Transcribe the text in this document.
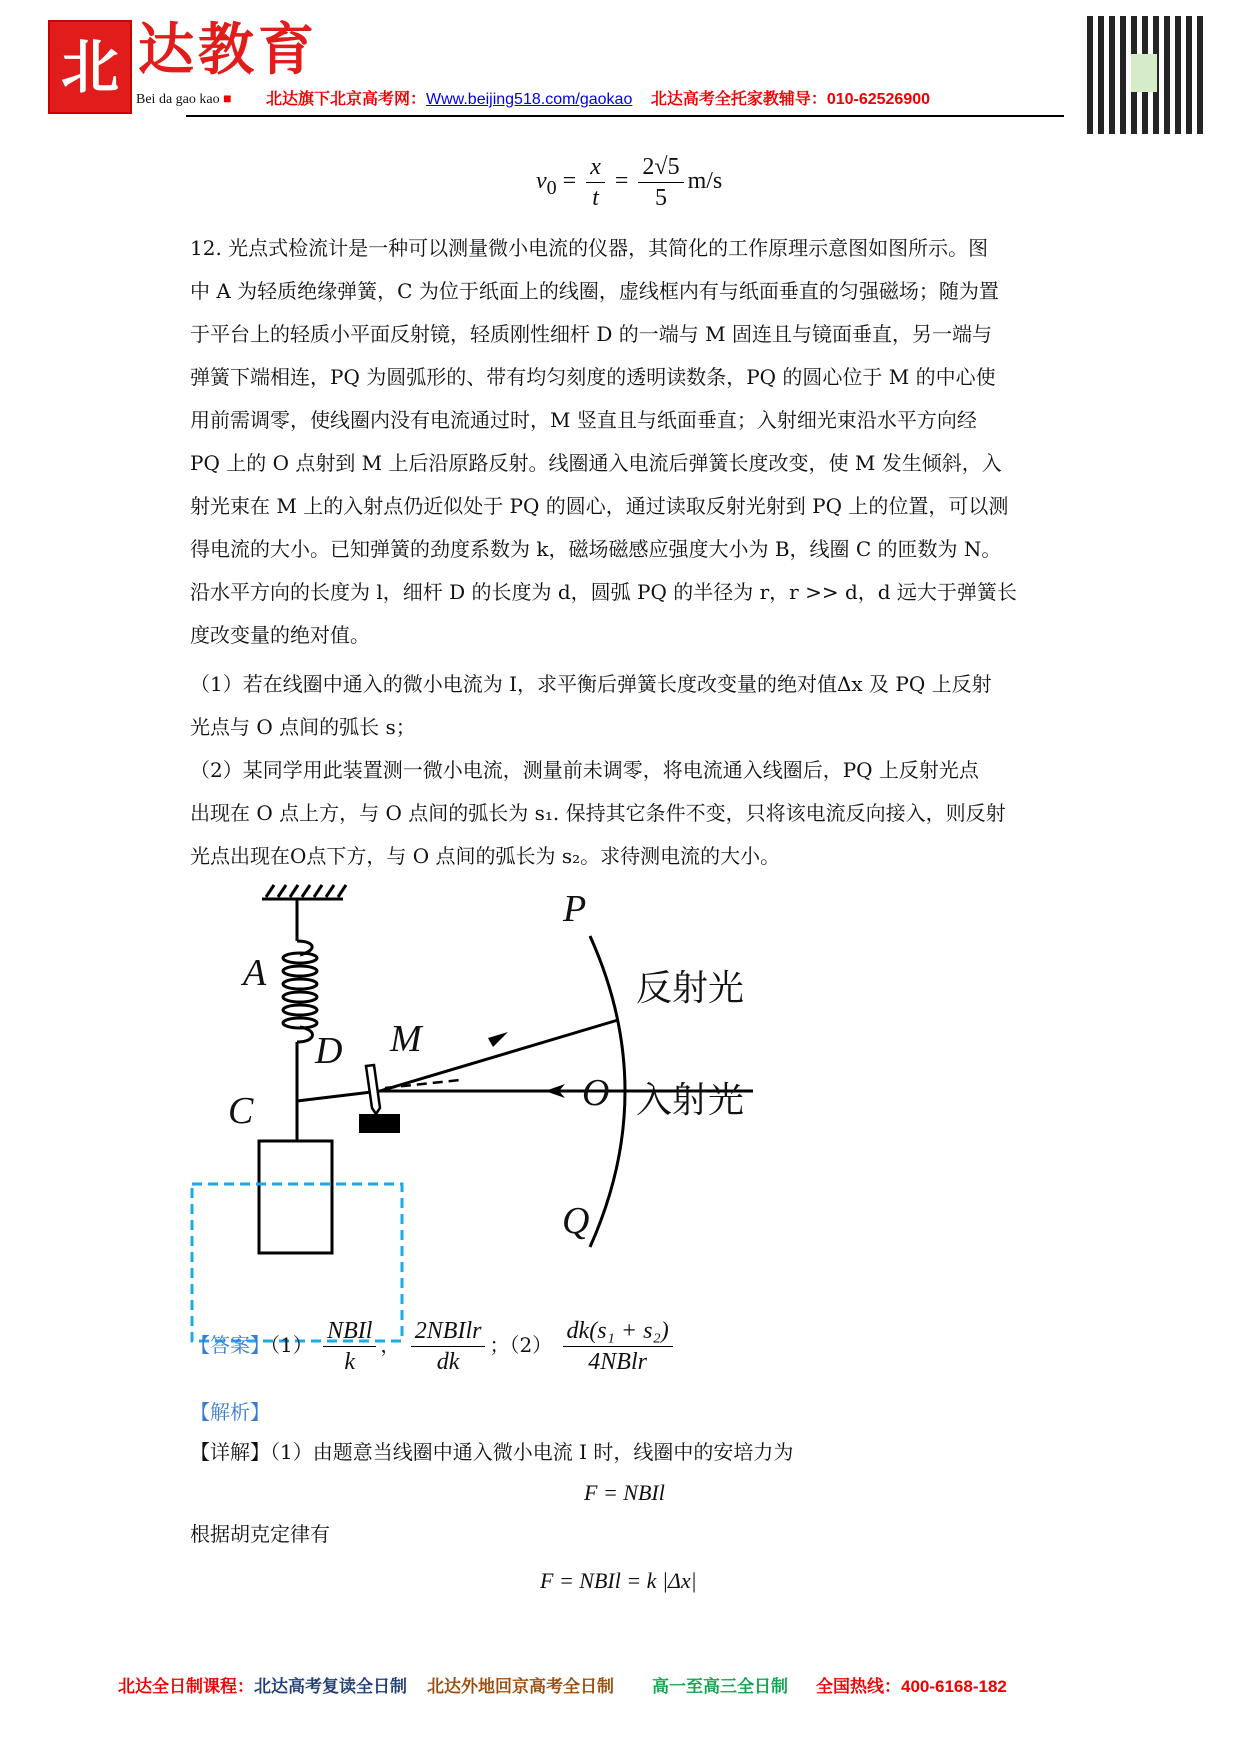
北 达教育
Bei da gao kao ■ 北达旗下北京高考网：Www.beijing518.com/gaokao 北达高考全托家教辅导：010-62526900
$v_0 = \frac{x}{t} = \frac{2√5}{5} m/s$
12. 光点式检流计是一种可以测量微小电流的仪器，其简化的工作原理示意图如图所示。图
中 A 为轻质绝缘弹簧，C 为位于纸面上的线圈，虚线框内有与纸面垂直的匀强磁场；随为置
于平台上的轻质小平面反射镜，轻质刚性细杆 D 的一端与 M 固连且与镜面垂直，另一端与
弹簧下端相连，PQ 为圆弧形的、带有均匀刻度的透明读数条，PQ 的圆心位于 M 的中心使
用前需调零，使线圈内没有电流通过时，M 竖直且与纸面垂直；入射细光束沿水平方向经
PQ 上的 O 点射到 M 上后沿原路反射。线圈通入电流后弹簧长度改变，使 M 发生倾斜，入
射光束在 M 上的入射点仍近似处于 PQ 的圆心，通过读取反射光射到 PQ 上的位置，可以测
得电流的大小。已知弹簧的劲度系数为 k，磁场磁感应强度大小为 B，线圈 C 的匝数为 N。
沿水平方向的长度为 l，细杆 D 的长度为 d，圆弧 PQ 的半径为 r，r >> d，d 远大于弹簧长
度改变量的绝对值。
（1）若在线圈中通入的微小电流为 I，求平衡后弹簧长度改变量的绝对值Δx 及 PQ 上反射
光点与 O 点间的弧长 s；
（2）某同学用此装置测一微小电流，测量前未调零，将电流通入线圈后，PQ 上反射光点
出现在 O 点上方，与 O 点间的弧长为 s₁. 保持其它条件不变，只将该电流反向接入，则反射
光点出现在O点下方，与 O 点间的弧长为 s₂。求待测电流的大小。
P
A
D M
C	O
Q
反射光
入射光
【答案】$(1) \frac{\text{NBIl}}{k}$ ， $\frac{\text{2NBIlr}}{dk}$ ；$(2) \frac{\text{dk(s₁ + s₂)}}{\text{4NBlr}}$
【解析】
【详解】（1）由题意当线圈中通入微小电流 I 时，线圈中的安培力为
F = NBIl
根据胡克定律有
F = NBIl = k |Δx|
北达全日制课程：北达高考复读全日制 北达外地回京高考全日制 高一至高三全日制 全国热线：400-6168-182
